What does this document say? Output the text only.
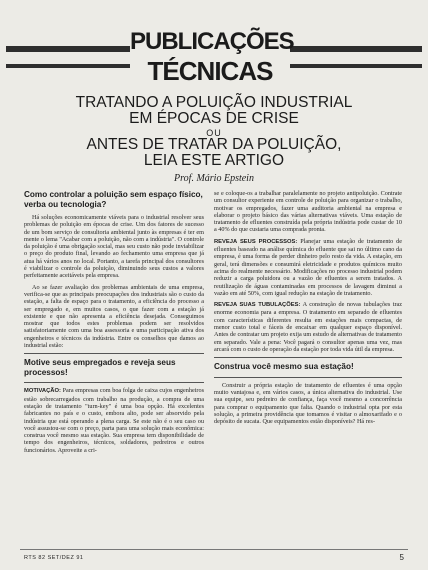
PUBLICAÇÕES
TÉCNICAS
TRATANDO A POLUIÇÃO INDUSTRIAL
EM ÉPOCAS DE CRISE
OU
ANTES DE TRATAR DA POLUIÇÃO,
LEIA ESTE ARTIGO
Prof. Mário Epstein
Como controlar a poluição sem espaço físico, verba ou tecnologia?

Há soluções economicamente viáveis para o industrial resolver seus problemas de poluição em épocas de crise. Um dos fatores de sucesso de um bom serviço de consultoria ambiental junto às empresas é ter em mente o lema "Acabar com a poluição, não com a indústria". O controle da poluição é uma obrigação social, mas seu custo não pode inviabilizar o preço do produto final, levando ao fechamento uma empresa que já atua há vários anos no local. Portanto, a tarefa principal dos consultores é viabilizar o controle da poluição, diminuindo seus custos a valores perfeitamente aceitáveis pela empresa.

Ao se fazer avaliação dos problemas ambientais de uma empresa, verifica-se que as principais preocupações dos industriais são o custo da estação, a falta de espaço para o tratamento, a eficiência do processo a ser empregado e, em muitos casos, o que fazer com a estação já existente e que não apresenta a eficiência desejada. Conseguimos mostrar que todos estes problemas podem ser resolvidos satisfatoriamente com uma boa assessoria e uma participação ativa dos engenheiros e técnicos da indústria. Entre os conselhos que damos ao industrial estão:

Motive seus empregados e reveja seus processos!

MOTIVAÇÃO: Para empresas com boa folga de caixa cujos engenheiros estão sobrecarregados com trabalho na produção, a compra de uma estação de tratamento "turn-key" é uma boa opção. Há excelentes fabricantes no país e o custo, embora alto, pode ser absorvido pela indústria que está operando a plena carga. Se este não é o seu caso ou você assustou-se com o preço, parta para uma solução mais econômica: construa você mesmo sua estação. Sua empresa tem disponibilidade de tempo dos engenheiros, técnicos, soldadores, pedreiros e outros funcionários. Aproveite a cri-

se e coloque-os a trabalhar paralelamente no projeto antipoluição. Contrate um consultor experiente em controle de poluição para organizar o trabalho, motivar os empregados, fazer uma auditoria ambiental na empresa e elaborar o projeto básico das várias alternativas viáveis. Uma estação de tratamento de efluentes construída pela própria indústria pode custar de 10 a 40% do que custaria uma comprada pronta.

REVEJA SEUS PROCESSOS: Planejar uma estação de tratamento de efluentes baseado na análise química do efluente que sai no último cano da empresa, é uma forma de perder dinheiro pelo resto da vida. A estação, em geral, terá dimensões e consumirá eletricidade e produtos químicos muito acima do realmente necessário. Modificações no processo industrial podem reduzir a carga poluidora ou a vazão de efluentes a serem tratados. A reutilização de águas contaminadas em processos de lavagem diminui a vazão em até 50%, com igual redução na estação de tratamento.

REVEJA SUAS TUBULAÇÕES: A construção de novas tubulações traz enorme economia para a empresa. O tratamento em separado de efluentes com características diferentes resulta em estações mais compactas, de menor custo total e fáceis de encaixar em qualquer espaço disponível. Antes de contratar um projeto exija um estudo de alternativas de tratamento em separado. Vale a pena: Você pagará o consultor apenas uma vez, mas arcará com o custo de operação da estação por toda vida útil da empresa.

Construa você mesmo sua estação!

Construir a própria estação de tratamento de efluentes é uma opção muito vantajosa e, em vários casos, a única alternativa do industrial. Use sua equipe, seu pedreiro de confiança, faça você mesmo a concorrência para comprar o equipamento que falta. Quando o industrial opta por esta solução, a primeira providência que tomamos é visitar o almoxarifado e o depósito de sucata. Que equipamentos estão disponíveis? Há res-

RTS 82 SET/DEZ 91	5
